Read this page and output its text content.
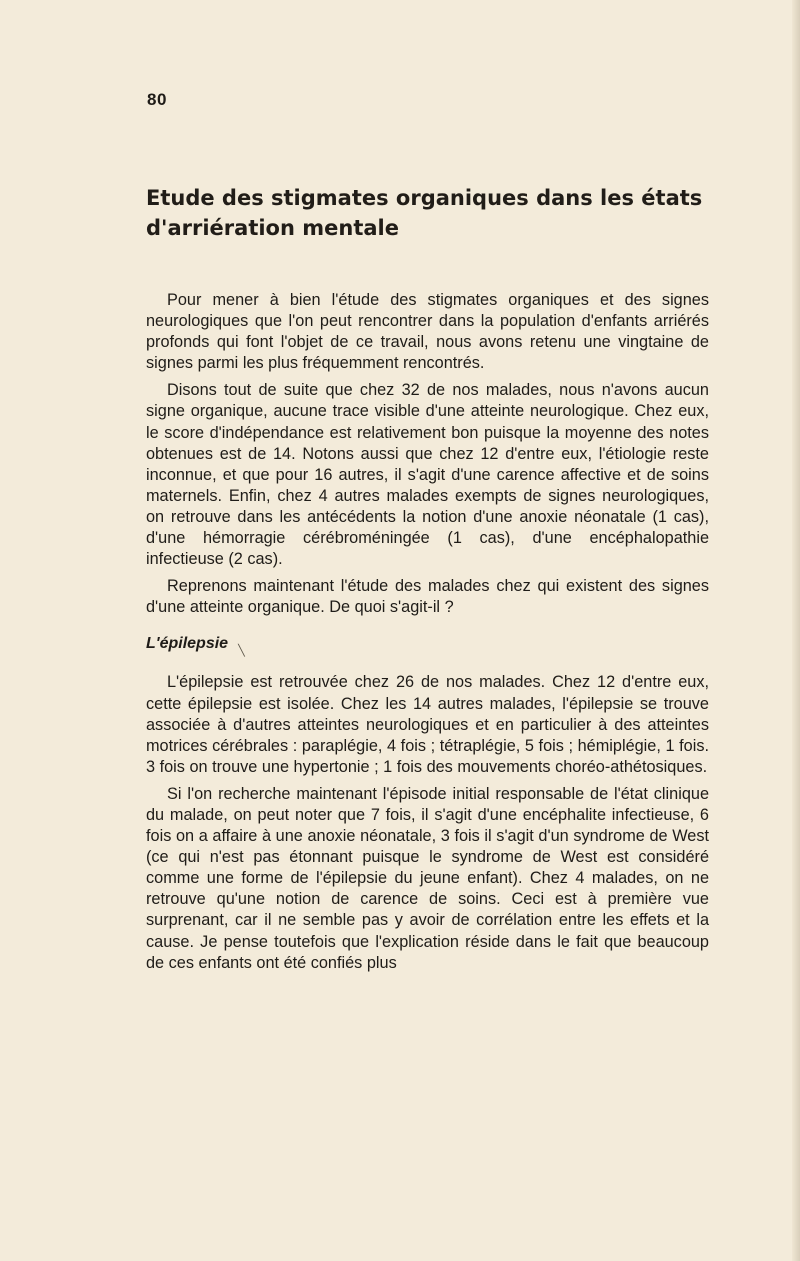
80
Etude des stigmates organiques dans les états d'arriération mentale

Pour mener à bien l'étude des stigmates organiques et des signes neurologiques que l'on peut rencontrer dans la population d'enfants arriérés profonds qui font l'objet de ce travail, nous avons retenu une vingtaine de signes parmi les plus fréquemment rencontrés.

Disons tout de suite que chez 32 de nos malades, nous n'avons aucun signe organique, aucune trace visible d'une atteinte neurologique. Chez eux, le score d'indépendance est relativement bon puisque la moyenne des notes obtenues est de 14. Notons aussi que chez 12 d'entre eux, l'étiologie reste inconnue, et que pour 16 autres, il s'agit d'une carence affective et de soins maternels. Enfin, chez 4 autres malades exempts de signes neurologiques, on retrouve dans les antécédents la notion d'une anoxie néonatale (1 cas), d'une hémorragie cérébroméningée (1 cas), d'une encéphalopathie infectieuse (2 cas).

Reprenons maintenant l'étude des malades chez qui existent des signes d'une atteinte organique. De quoi s'agit-il ?

L'épilepsie ╲

L'épilepsie est retrouvée chez 26 de nos malades. Chez 12 d'entre eux, cette épilepsie est isolée. Chez les 14 autres malades, l'épilepsie se trouve associée à d'autres atteintes neurologiques et en particulier à des atteintes motrices cérébrales : paraplégie, 4 fois ; tétraplégie, 5 fois ; hémiplégie, 1 fois. 3 fois on trouve une hypertonie ; 1 fois des mouvements choréo-athétosiques.

Si l'on recherche maintenant l'épisode initial responsable de l'état clinique du malade, on peut noter que 7 fois, il s'agit d'une encéphalite infectieuse, 6 fois on a affaire à une anoxie néonatale, 3 fois il s'agit d'un syndrome de West (ce qui n'est pas étonnant puisque le syndrome de West est considéré comme une forme de l'épilepsie du jeune enfant). Chez 4 malades, on ne retrouve qu'une notion de carence de soins. Ceci est à première vue surprenant, car il ne semble pas y avoir de corrélation entre les effets et la cause. Je pense toutefois que l'explication réside dans le fait que beaucoup de ces enfants ont été confiés plus
